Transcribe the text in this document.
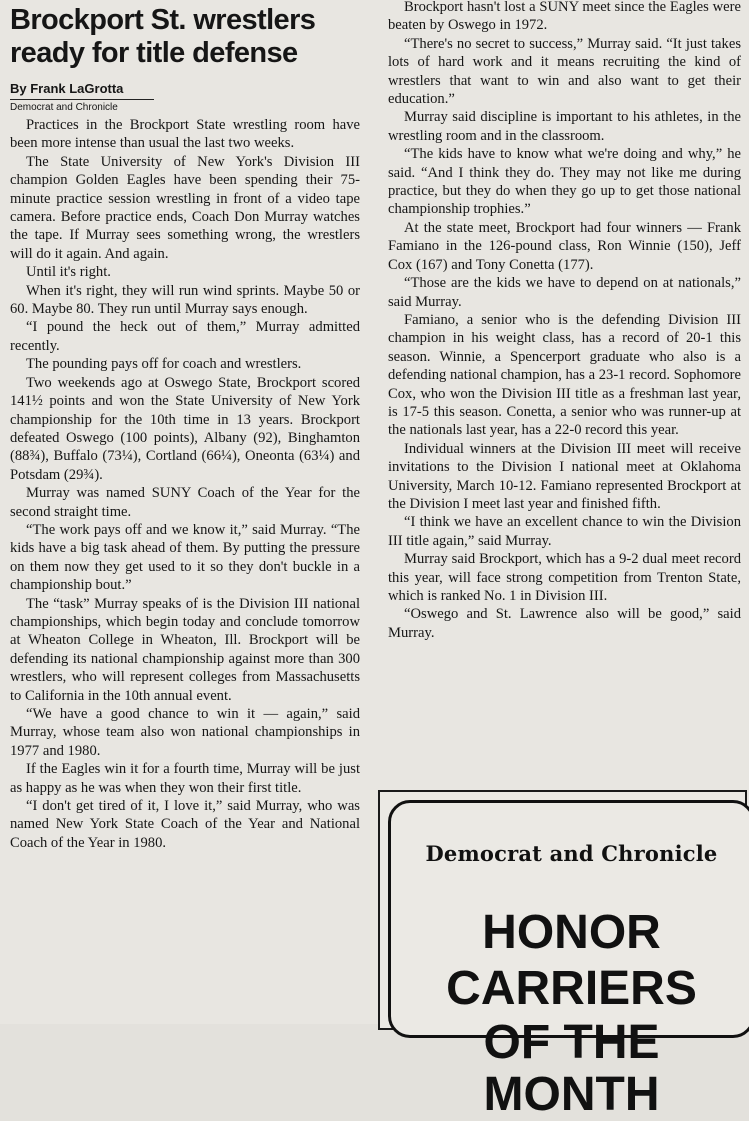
Brockport St. wrestlers
ready for title defense
By Frank LaGrotta
Democrat and Chronicle

Practices in the Brockport State wrestling room have been more intense than usual the last two weeks.

The State University of New York's Division III champion Golden Eagles have been spending their 75-minute practice session wrestling in front of a video tape camera. Before practice ends, Coach Don Murray watches the tape. If Murray sees something wrong, the wrestlers will do it again. And again.

Until it's right.

When it's right, they will run wind sprints. Maybe 50 or 60. Maybe 80. They run until Murray says enough.

“I pound the heck out of them,” Murray admitted recently.

The pounding pays off for coach and wrestlers.

Two weekends ago at Oswego State, Brockport scored 141½ points and won the State University of New York championship for the 10th time in 13 years. Brockport defeated Oswego (100 points), Albany (92), Binghamton (88¾), Buffalo (73¼), Cortland (66¼), Oneonta (63¼) and Potsdam (29¾).

Murray was named SUNY Coach of the Year for the second straight time.

“The work pays off and we know it,” said Murray. “The kids have a big task ahead of them. By putting the pressure on them now they get used to it so they don't buckle in a championship bout.”

The “task” Murray speaks of is the Division III national championships, which begin today and conclude tomorrow at Wheaton College in Wheaton, Ill. Brockport will be defending its national championship against more than 300 wrestlers, who will represent colleges from Massachusetts to California in the 10th annual event.

“We have a good chance to win it — again,” said Murray, whose team also won national championships in 1977 and 1980.

If the Eagles win it for a fourth time, Murray will be just as happy as he was when they won their first title.

“I don't get tired of it, I love it,” said Murray, who was named New York State Coach of the Year and National Coach of the Year in 1980.

Brockport hasn't lost a SUNY meet since the Eagles were beaten by Oswego in 1972.

“There's no secret to success,” Murray said. “It just takes lots of hard work and it means recruiting the kind of wrestlers that want to win and also want to get their education.”

Murray said discipline is important to his athletes, in the wrestling room and in the classroom.

“The kids have to know what we're doing and why,” he said. “And I think they do. They may not like me during practice, but they do when they go up to get those national championship trophies.”

At the state meet, Brockport had four winners — Frank Famiano in the 126-pound class, Ron Winnie (150), Jeff Cox (167) and Tony Conetta (177).

“Those are the kids we have to depend on at nationals,” said Murray.

Famiano, a senior who is the defending Division III champion in his weight class, has a record of 20-1 this season. Winnie, a Spencerport graduate who also is a defending national champion, has a 23-1 record. Sophomore Cox, who won the Division III title as a freshman last year, is 17-5 this season. Conetta, a senior who was runner-up at the nationals last year, has a 22-0 record this year.

Individual winners at the Division III meet will receive invitations to the Division I national meet at Oklahoma University, March 10-12. Famiano represented Brockport at the Division I meet last year and finished fifth.

“I think we have an excellent chance to win the Division III title again,” said Murray.

Murray said Brockport, which has a 9-2 dual meet record this year, will face strong competition from Trenton State, which is ranked No. 1 in Division III.

“Oswego and St. Lawrence also will be good,” said Murray.

Democrat and Chronicle
HONOR
CARRIERS
OF THE MONTH
